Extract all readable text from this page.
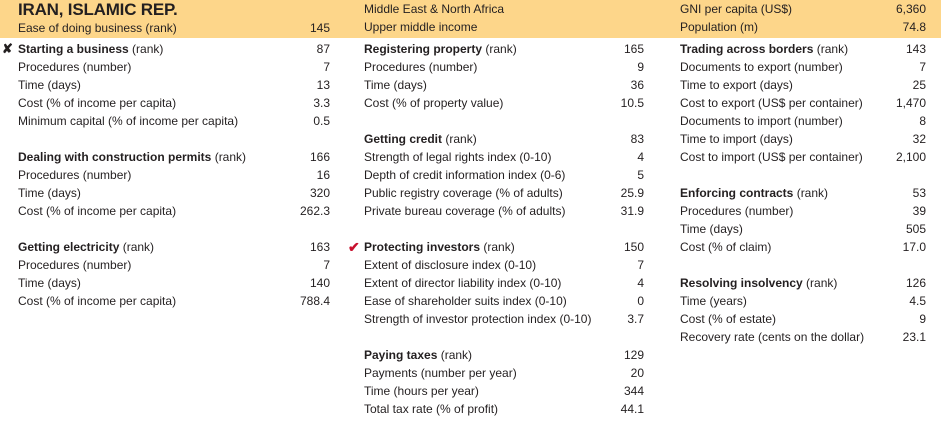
IRAN, ISLAMIC REP.
Ease of doing business (rank)	145
✘ Starting a business (rank)	87
Procedures (number)	7
Time (days)	13
Cost (% of income per capita)	3.3
Minimum capital (% of income per capita)	0.5
Dealing with construction permits (rank)	166
Procedures (number)	16
Time (days)	320
Cost (% of income per capita)	262.3
Getting electricity (rank)	163
Procedures (number)	7
Time (days)	140
Cost (% of income per capita)	788.4
Middle East & North Africa
Upper middle income
Registering property (rank)	165
Procedures (number)	9
Time (days)	36
Cost (% of property value)	10.5
Getting credit (rank)	83
Strength of legal rights index (0-10)	4
Depth of credit information index (0-6)	5
Public registry coverage (% of adults)	25.9
Private bureau coverage (% of adults)	31.9
✔ Protecting investors (rank)	150
Extent of disclosure index (0-10)	7
Extent of director liability index (0-10)	4
Ease of shareholder suits index (0-10)	0
Strength of investor protection index (0-10)	3.7
Paying taxes (rank)	129
Payments (number per year)	20
Time (hours per year)	344
Total tax rate (% of profit)	44.1
GNI per capita (US$)	6,360
Population (m)	74.8
Trading across borders (rank)	143
Documents to export (number)	7
Time to export (days)	25
Cost to export (US$ per container)	1,470
Documents to import (number)	8
Time to import (days)	32
Cost to import (US$ per container)	2,100
Enforcing contracts (rank)	53
Procedures (number)	39
Time (days)	505
Cost (% of claim)	17.0
Resolving insolvency (rank)	126
Time (years)	4.5
Cost (% of estate)	9
Recovery rate (cents on the dollar)	23.1
